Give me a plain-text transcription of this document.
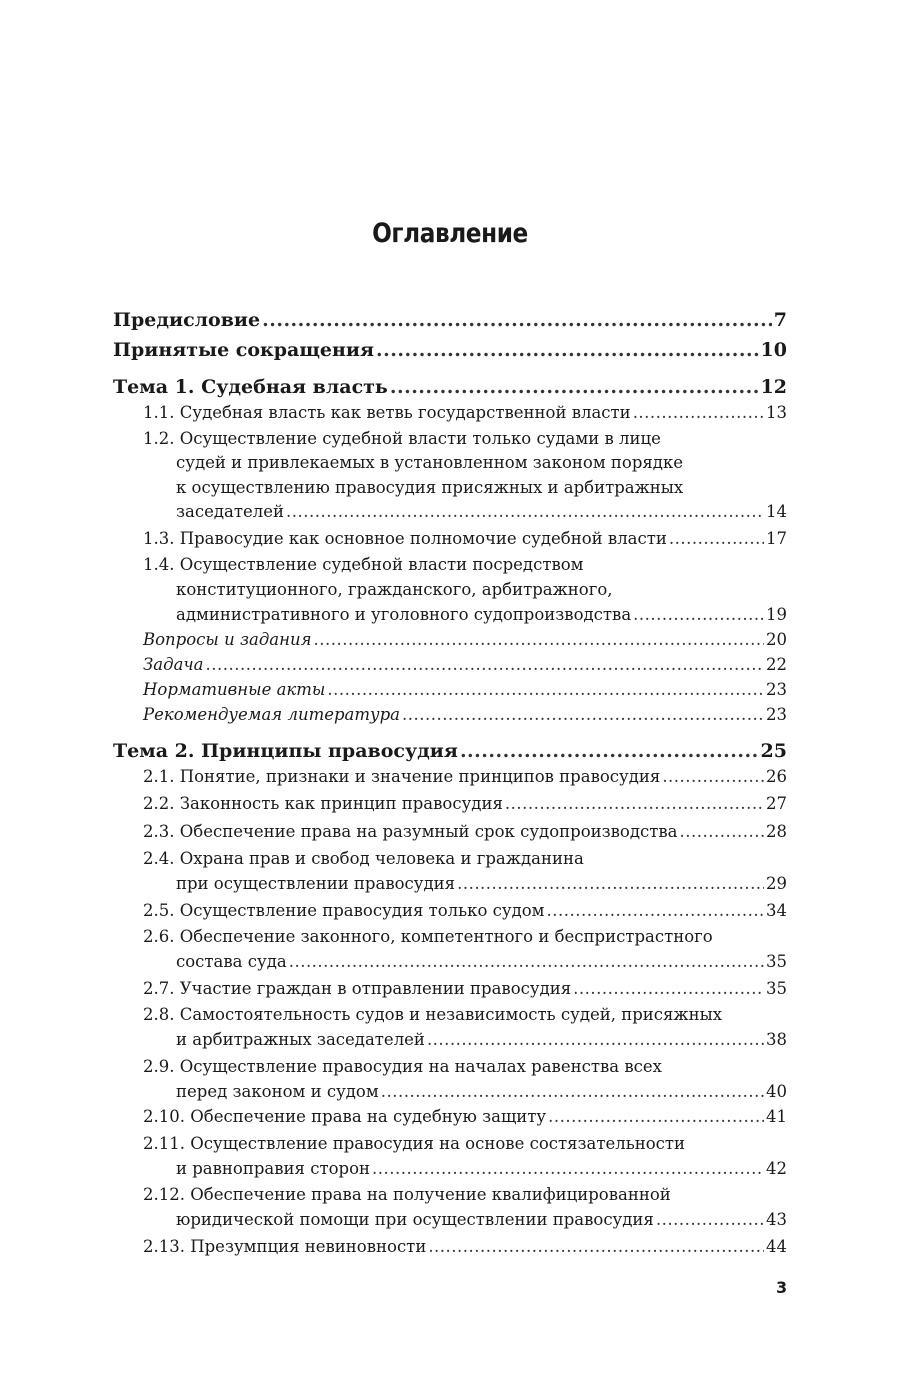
Оглавление
Предисловие .....	7
Принятые сокращения .....	10
Тема 1. Судебная власть .....	12
1.1. Судебная власть как ветвь государственной власти .....	13
1.2. Осуществление судебной власти только судами в лице
судей и привлекаемых в установленном законом порядке
к осуществлению правосудия присяжных и арбитражных
заседателей .....	14
1.3. Правосудие как основное полномочие судебной власти .....	17
1.4. Осуществление судебной власти посредством
конституционного, гражданского, арбитражного,
административного и уголовного судопроизводства .....	19
Вопросы и задания .....	20
Задача .....	22
Нормативные акты .....	23
Рекомендуемая литература .....	23
Тема 2. Принципы правосудия .....	25
2.1. Понятие, признаки и значение принципов правосудия .....	26
2.2. Законность как принцип правосудия .....	27
2.3. Обеспечение права на разумный срок судопроизводства .....	28
2.4. Охрана прав и свобод человека и гражданина
при осуществлении правосудия .....	29
2.5. Осуществление правосудия только судом .....	34
2.6. Обеспечение законного, компетентного и беспристрастного
состава суда .....	35
2.7. Участие граждан в отправлении правосудия .....	35
2.8. Самостоятельность судов и независимость судей, присяжных
и арбитражных заседателей .....	38
2.9. Осуществление правосудия на началах равенства всех
перед законом и судом .....	40
2.10. Обеспечение права на судебную защиту .....	41
2.11. Осуществление правосудия на основе состязательности
и равноправия сторон .....	42
2.12. Обеспечение права на получение квалифицированной
юридической помощи при осуществлении правосудия .....	43
2.13. Презумпция невиновности .....	44
3
